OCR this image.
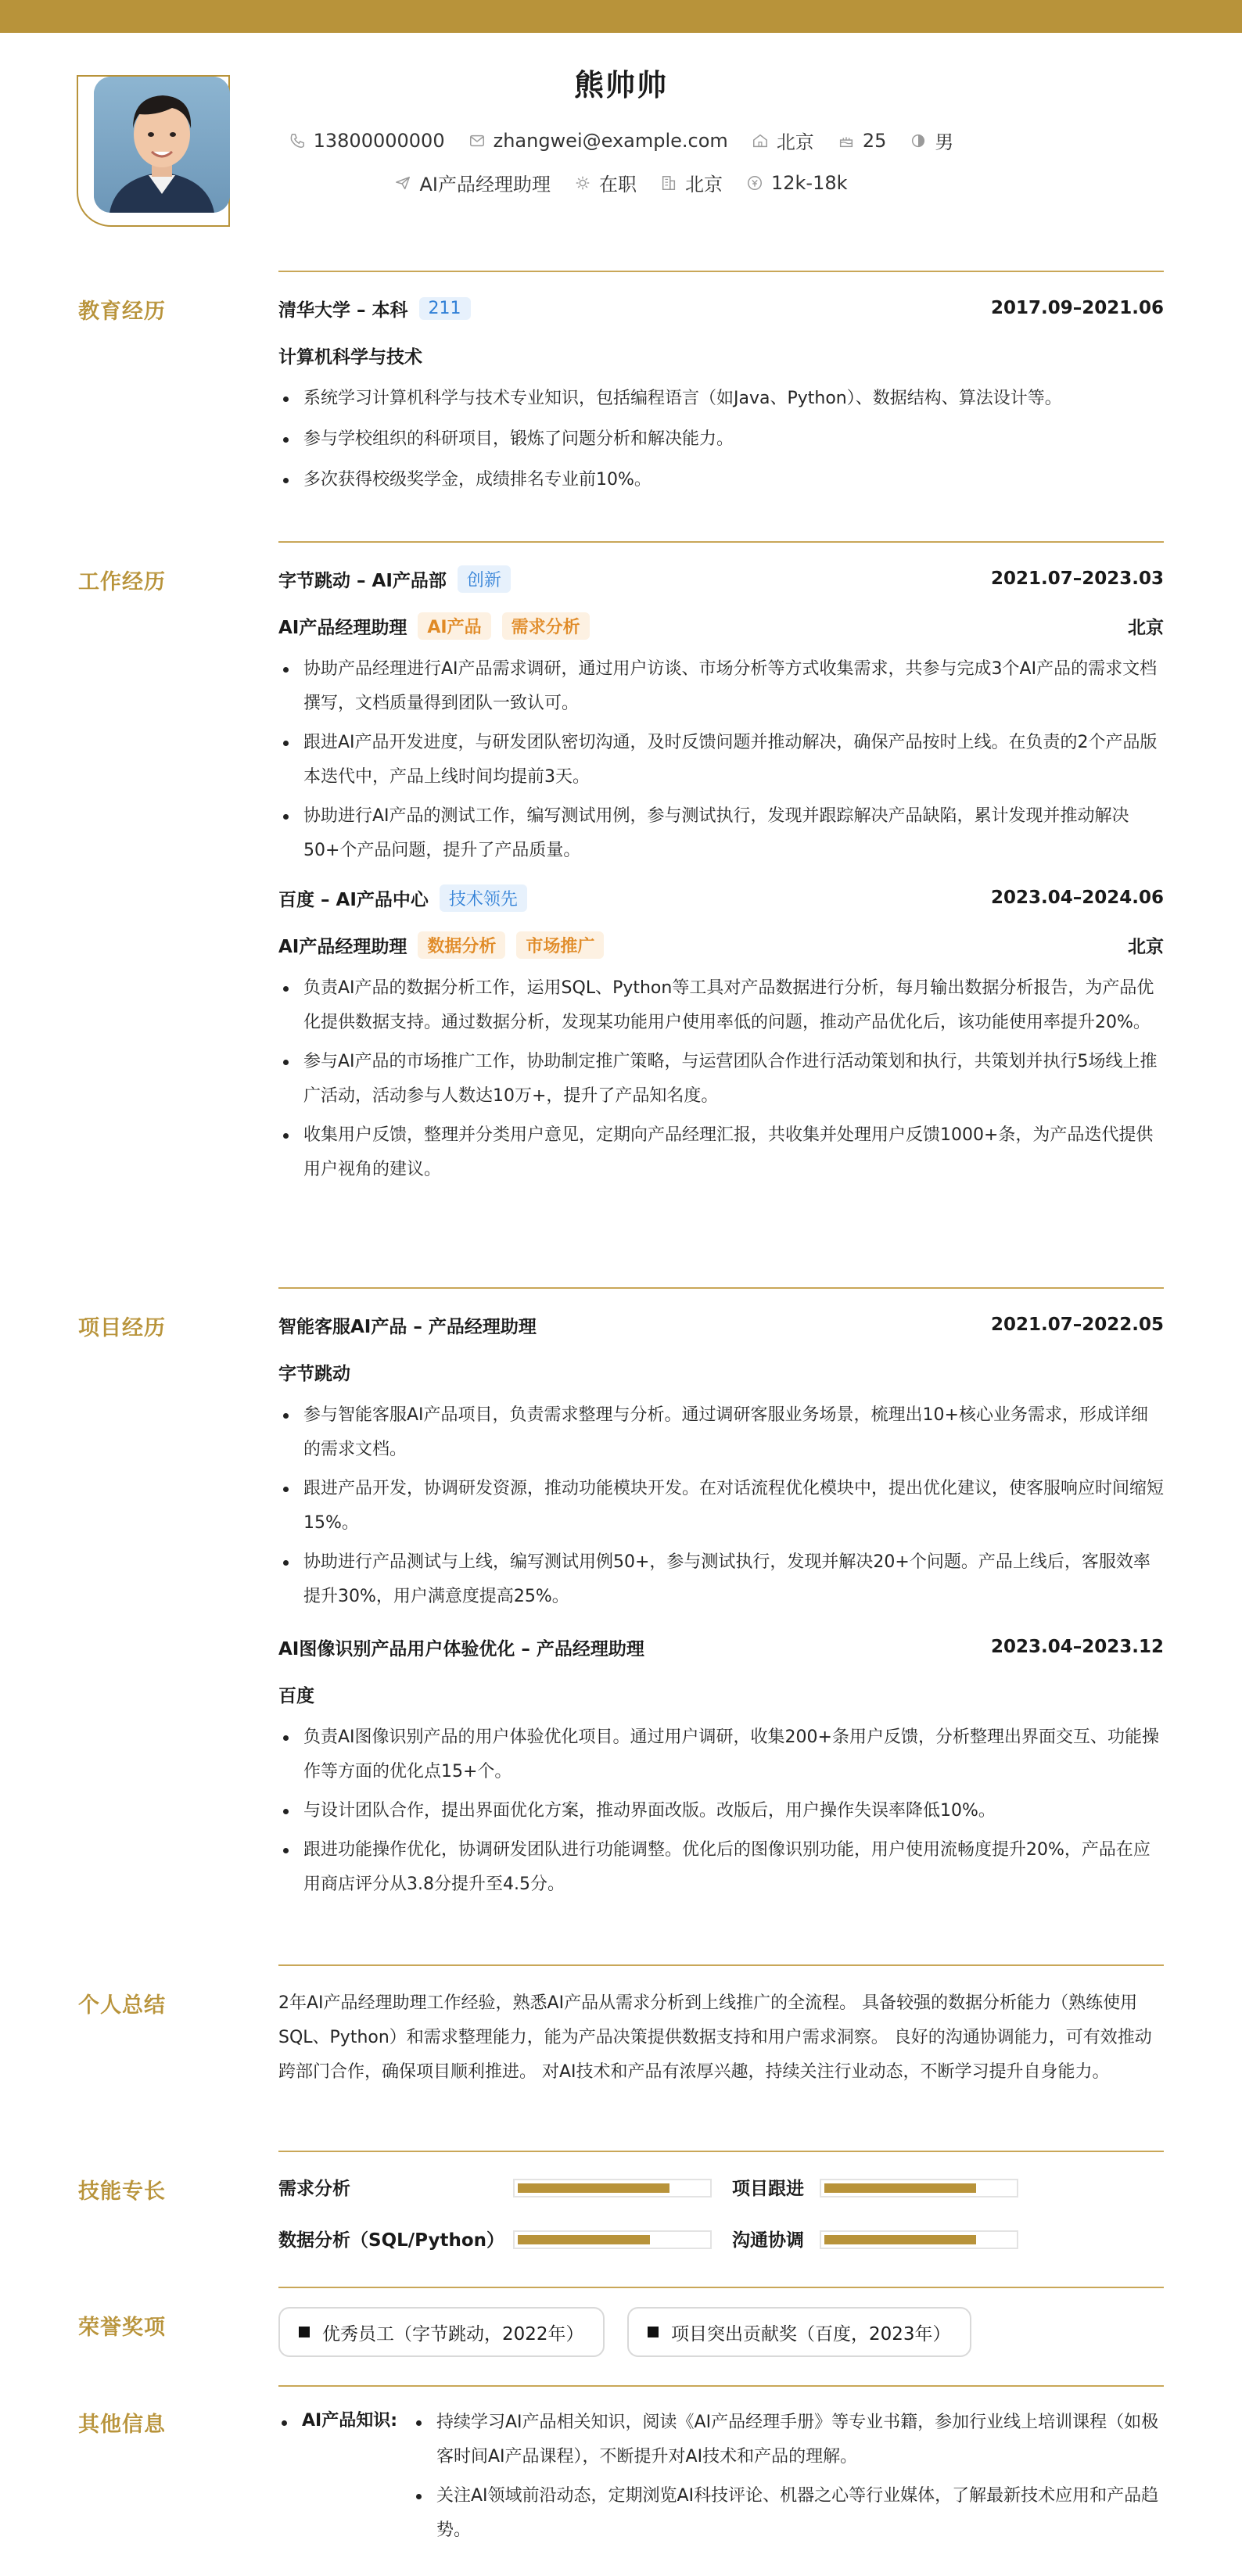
熊帅帅
13800000000	zhangwei@example.com	北京	25	男
AI产品经理助理	在职	北京	12k-18k
教育经历	清华大学 – 本科	211	2017.09–2021.06
计算机科学与技术
系统学习计算机科学与技术专业知识，包括编程语言（如Java、Python）、数据结构、算法设计等。
参与学校组织的科研项目，锻炼了问题分析和解决能力。
多次获得校级奖学金，成绩排名专业前10%。
工作经历	字节跳动 – AI产品部	创新	2021.07–2023.03
AI产品经理助理	AI产品	需求分析	北京
协助产品经理进行AI产品需求调研，通过用户访谈、市场分析等方式收集需求，共参与完成3个AI产品的需求文档撰写，文档质量得到团队一致认可。
跟进AI产品开发进度，与研发团队密切沟通，及时反馈问题并推动解决，确保产品按时上线。在负责的2个产品版本迭代中，产品上线时间均提前3天。
协助进行AI产品的测试工作，编写测试用例，参与测试执行，发现并跟踪解决产品缺陷，累计发现并推动解决50+个产品问题，提升了产品质量。
百度 – AI产品中心	技术领先	2023.04–2024.06
AI产品经理助理	数据分析	市场推广	北京
负责AI产品的数据分析工作，运用SQL、Python等工具对产品数据进行分析，每月输出数据分析报告，为产品优化提供数据支持。通过数据分析，发现某功能用户使用率低的问题，推动产品优化后，该功能使用率提升20%。
参与AI产品的市场推广工作，协助制定推广策略，与运营团队合作进行活动策划和执行，共策划并执行5场线上推广活动，活动参与人数达10万+，提升了产品知名度。
收集用户反馈，整理并分类用户意见，定期向产品经理汇报，共收集并处理用户反馈1000+条，为产品迭代提供用户视角的建议。
项目经历	智能客服AI产品 – 产品经理助理	2021.07–2022.05
字节跳动
参与智能客服AI产品项目，负责需求整理与分析。通过调研客服业务场景，梳理出10+核心业务需求，形成详细的需求文档。
跟进产品开发，协调研发资源，推动功能模块开发。在对话流程优化模块中，提出优化建议，使客服响应时间缩短15%。
协助进行产品测试与上线，编写测试用例50+，参与测试执行，发现并解决20+个问题。产品上线后，客服效率提升30%，用户满意度提高25%。
AI图像识别产品用户体验优化 – 产品经理助理	2023.04–2023.12
百度
负责AI图像识别产品的用户体验优化项目。通过用户调研，收集200+条用户反馈，分析整理出界面交互、功能操作等方面的优化点15+个。
与设计团队合作，提出界面优化方案，推动界面改版。改版后，用户操作失误率降低10%。
跟进功能操作优化，协调研发团队进行功能调整。优化后的图像识别功能，用户使用流畅度提升20%，产品在应用商店评分从3.8分提升至4.5分。
个人总结	2年AI产品经理助理工作经验，熟悉AI产品从需求分析到上线推广的全流程。 具备较强的数据分析能力（熟练使用SQL、Python）和需求整理能力，能为产品决策提供数据支持和用户需求洞察。 良好的沟通协调能力，可有效推动跨部门合作，确保项目顺利推进。 对AI技术和产品有浓厚兴趣，持续关注行业动态，不断学习提升自身能力。
技能专长	需求分析	项目跟进
数据分析（SQL/Python）	沟通协调
荣誉奖项	优秀员工（字节跳动，2022年）	项目突出贡献奖（百度，2023年）
其他信息	AI产品知识:	持续学习AI产品相关知识，阅读《AI产品经理手册》等专业书籍，参加行业线上培训课程（如极客时间AI产品课程），不断提升对AI技术和产品的理解。
关注AI领域前沿动态，定期浏览AI科技评论、机器之心等行业媒体，了解最新技术应用和产品趋势。
